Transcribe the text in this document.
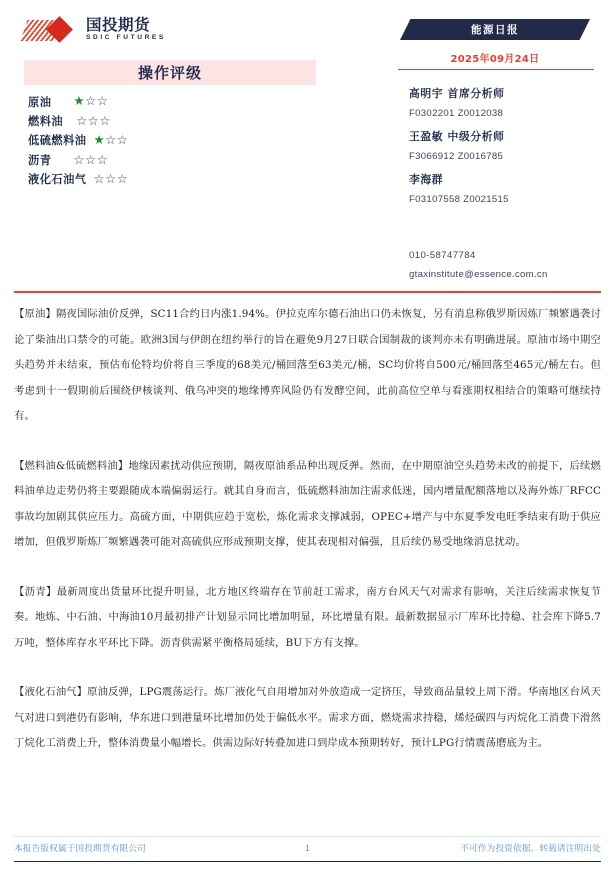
国投期货
SDIC FUTURES
操作评级
原油 ★☆☆
燃料油 ☆☆☆
低硫燃料油 ★☆☆
沥青 ☆☆☆
液化石油气 ☆☆☆
能源日报
2025年09月24日
高明宇 首席分析师
F0302201 Z0012038
王盈敏 中级分析师
F3066912 Z0016785
李海群
F03107558 Z0021515
010-58747784
gtaxinstitute@essence.com.cn

【原油】隔夜国际油价反弹，SC11合约日内涨1.94%。伊拉克库尔德石油出口仍未恢复，另有消息称俄罗斯因炼厂频繁遇袭讨论了柴油出口禁令的可能。欧洲3国与伊朗在纽约举行的旨在避免9月27日联合国制裁的谈判亦未有明确进展。原油市场中期空头趋势并未结束，预估布伦特均价将自三季度的68美元/桶回落至63美元/桶，SC均价将自500元/桶回落至465元/桶左右。但考虑到十一假期前后围绕伊核谈判、俄乌冲突的地缘博弈风险仍有发酵空间，此前高位空单与看涨期权相结合的策略可继续持有。

【燃料油&低硫燃料油】地缘因素扰动供应预期，隔夜原油系品种出现反弹。然而，在中期原油空头趋势未改的前提下，后续燃料油单边走势仍将主要跟随成本端偏弱运行。就其自身而言，低硫燃料油加注需求低迷，国内增量配额落地以及海外炼厂RFCC事故均加剧其供应压力。高硫方面，中期供应趋于宽松，炼化需求支撑减弱，OPEC+增产与中东夏季发电旺季结束有助于供应增加，但俄罗斯炼厂频繁遇袭可能对高硫供应形成预期支撑，使其表现相对偏强，且后续仍易受地缘消息扰动。

【沥青】最新周度出货量环比提升明显，北方地区终端存在节前赶工需求，南方台风天气对需求有影响，关注后续需求恢复节奏。地炼、中石油、中海油10月最初排产计划显示同比增加明显，环比增量有限。最新数据显示厂库环比持稳、社会库下降5.7万吨，整体库存水平环比下降。沥青供需紧平衡格局延续，BU下方有支撑。

【液化石油气】原油反弹，LPG震荡运行。炼厂液化气自用增加对外放造成一定挤压，导致商品量较上周下滑。华南地区台风天气对进口到港仍有影响，华东进口到港量环比增加仍处于偏低水平。需求方面，燃烧需求持稳，烯烃碳四与丙烷化工消费下滑然丁烷化工消费上升，整体消费量小幅增长。供需边际好转叠加进口到岸成本预期转好，预计LPG行情震荡磨底为主。

本报告版权属于国投期货有限公司	1	不可作为投资依据。转载请注明出处
